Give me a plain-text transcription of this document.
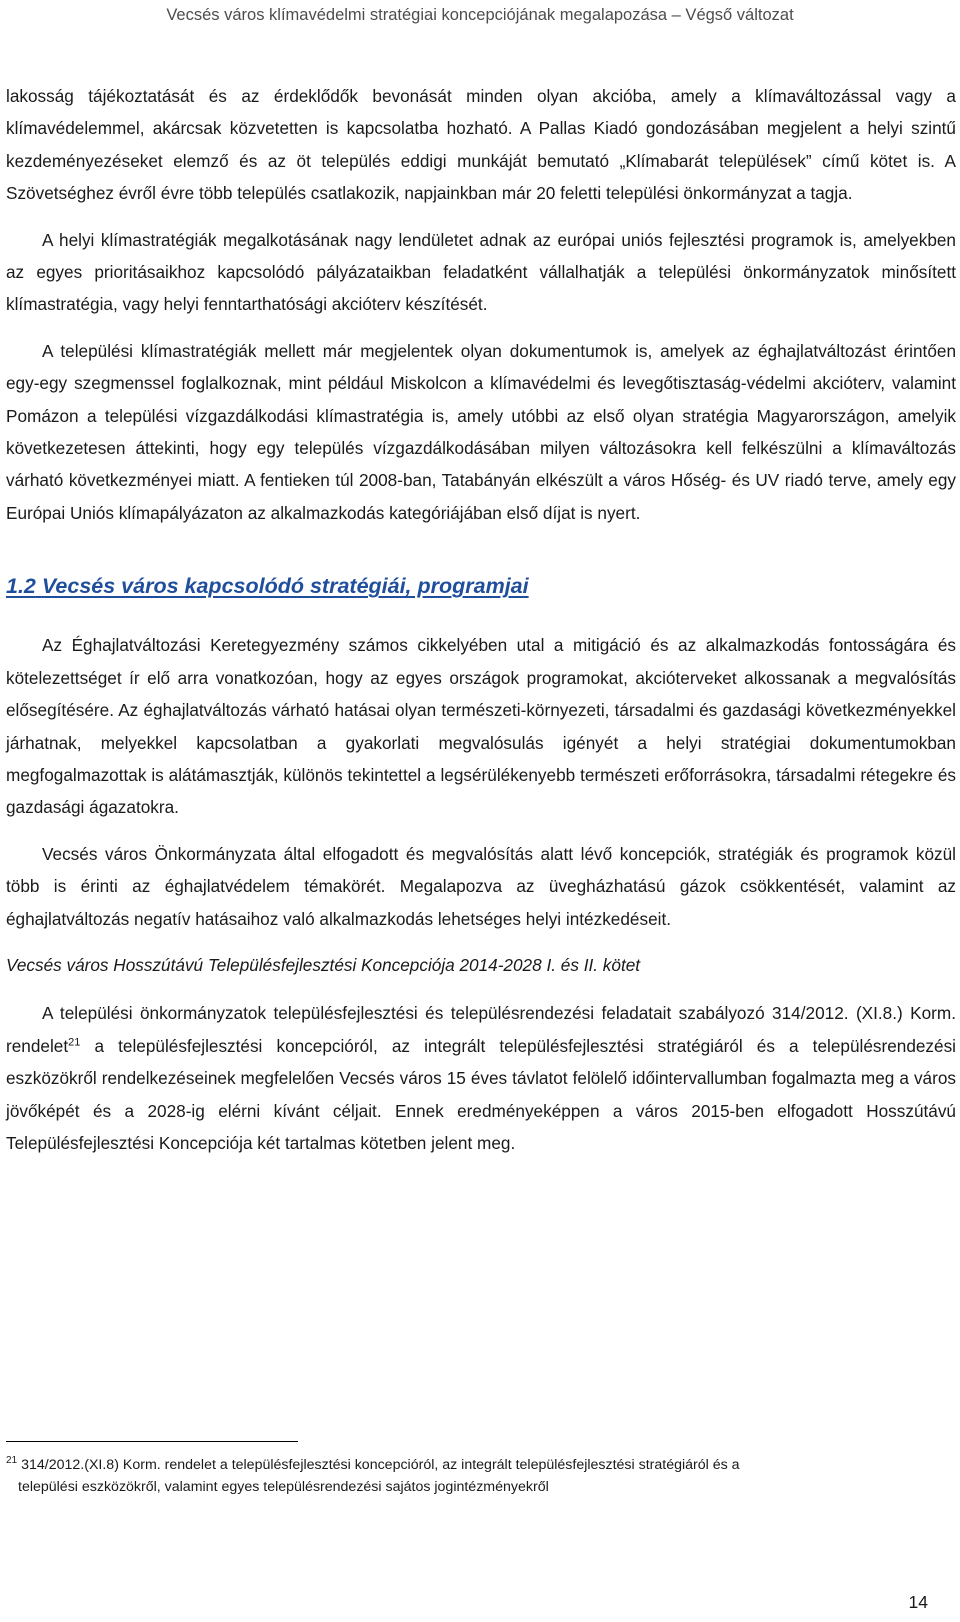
Vecsés város klímavédelmi stratégiai koncepciójának megalapozása – Végső változat

lakosság tájékoztatását és az érdeklődők bevonását minden olyan akcióba, amely a klímaváltozással vagy a klímavédelemmel, akárcsak közvetetten is kapcsolatba hozható. A Pallas Kiadó gondozásában megjelent a helyi szintű kezdeményezéseket elemző és az öt település eddigi munkáját bemutató „Klímabarát települések” című kötet is. A Szövetséghez évről évre több település csatlakozik, napjainkban már 20 feletti települési önkormányzat a tagja.

A helyi klímastratégiák megalkotásának nagy lendületet adnak az európai uniós fejlesztési programok is, amelyekben az egyes prioritásaikhoz kapcsolódó pályázataikban feladatként vállalhatják a települési önkormányzatok minősített klímastratégia, vagy helyi fenntarthatósági akcióterv készítését.

A települési klímastratégiák mellett már megjelentek olyan dokumentumok is, amelyek az éghajlatváltozást érintően egy-egy szegmenssel foglalkoznak, mint például Miskolcon a klímavédelmi és levegőtisztaság-védelmi akcióterv, valamint Pomázon a települési vízgazdálkodási klímastratégia is, amely utóbbi az első olyan stratégia Magyarországon, amelyik következetesen áttekinti, hogy egy település vízgazdálkodásában milyen változásokra kell felkészülni a klímaváltozás várható következményei miatt. A fentieken túl 2008-ban, Tatabányán elkészült a város Hőség- és UV riadó terve, amely egy Európai Uniós klímapályázaton az alkalmazkodás kategóriájában első díjat is nyert.

1.2 Vecsés város kapcsolódó stratégiái, programjai

Az Éghajlatváltozási Keretegyezmény számos cikkelyében utal a mitigáció és az alkalmazkodás fontosságára és kötelezettséget ír elő arra vonatkozóan, hogy az egyes országok programokat, akcióterveket alkossanak a megvalósítás elősegítésére. Az éghajlatváltozás várható hatásai olyan természeti-környezeti, társadalmi és gazdasági következményekkel járhatnak, melyekkel kapcsolatban a gyakorlati megvalósulás igényét a helyi stratégiai dokumentumokban megfogalmazottak is alátámasztják, különös tekintettel a legsérülékenyebb természeti erőforrásokra, társadalmi rétegekre és gazdasági ágazatokra.

Vecsés város Önkormányzata által elfogadott és megvalósítás alatt lévő koncepciók, stratégiák és programok közül több is érinti az éghajlatvédelem témakörét. Megalapozva az üvegházhatású gázok csökkentését, valamint az éghajlatváltozás negatív hatásaihoz való alkalmazkodás lehetséges helyi intézkedéseit.

Vecsés város Hosszútávú Településfejlesztési Koncepciója 2014-2028 I. és II. kötet

A települési önkormányzatok településfejlesztési és településrendezési feladatait szabályozó 314/2012. (XI.8.) Korm. rendelet$^{21}$ a településfejlesztési koncepcióról, az integrált településfejlesztési stratégiáról és a településrendezési eszközökről rendelkezéseinek megfelelően Vecsés város 15 éves távlatot felölelő időintervallumban fogalmazta meg a város jövőképét és a 2028-ig elérni kívánt céljait. Ennek eredményeképpen a város 2015-ben elfogadott Hosszútávú Településfejlesztési Koncepciója két tartalmas kötetben jelent meg.

$^{21}$ 314/2012.(XI.8) Korm. rendelet a településfejlesztési koncepcióról, az integrált településfejlesztési stratégiáról és a
települési eszközökről, valamint egyes településrendezési sajátos jogintézményekről
14
